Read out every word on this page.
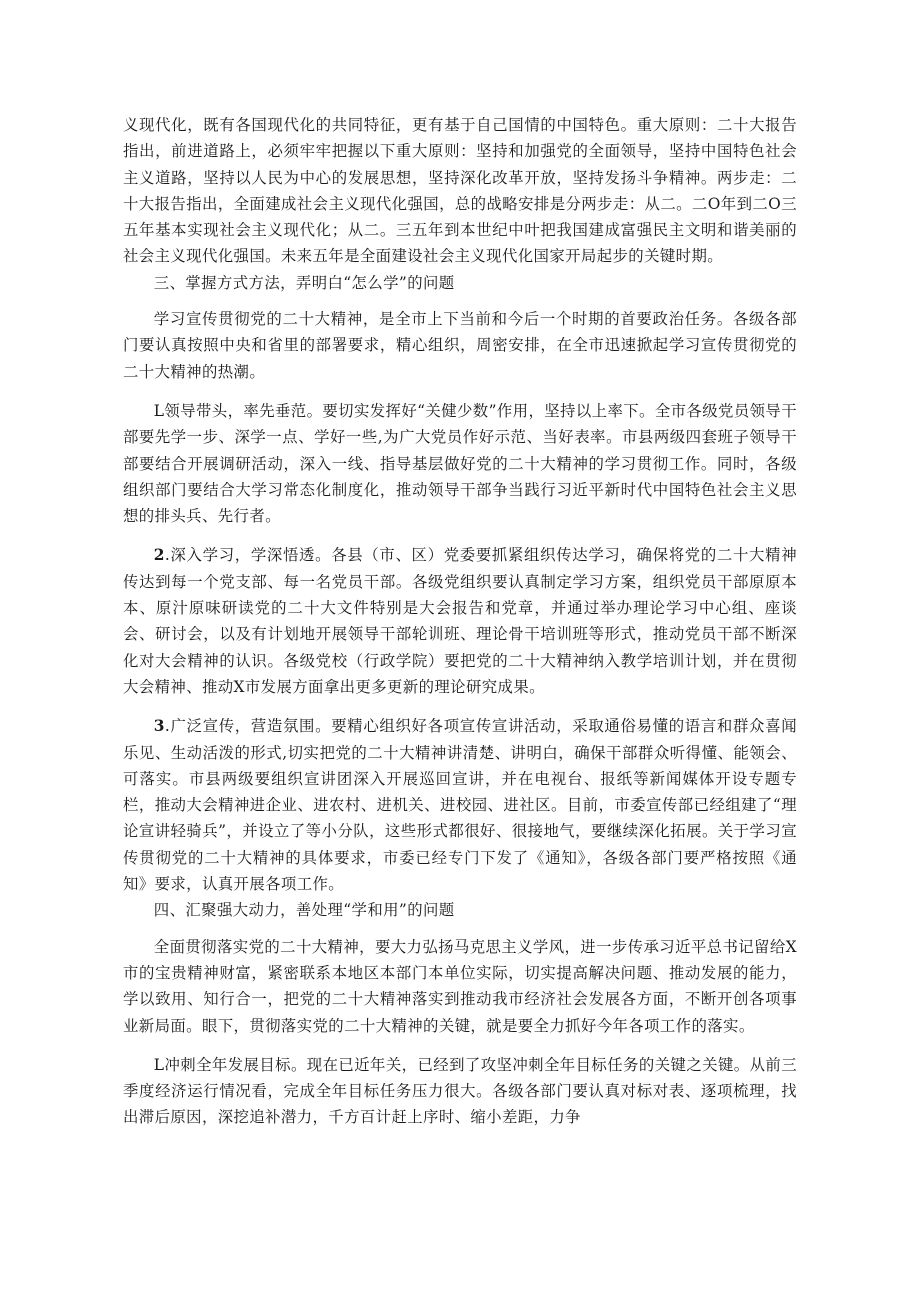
义现代化，既有各国现代化的共同特征，更有基于自己国情的中国特色。重大原则：二十大报告指出，前进道路上，必须牢牢把握以下重大原则：坚持和加强党的全面领导，坚持中国特色社会主义道路，坚持以人民为中心的发展思想，坚持深化改革开放，坚持发扬斗争精神。两步走：二十大报告指出，全面建成社会主义现代化强国，总的战略安排是分两步走：从二。二O年到二O三五年基本实现社会主义现代化；从二。三五年到本世纪中叶把我国建成富强民主文明和谐美丽的社会主义现代化强国。未来五年是全面建设社会主义现代化国家开局起步的关键时期。

三、掌握方式方法，弄明白“怎么学”的问题

学习宣传贯彻党的二十大精神，是全市上下当前和今后一个时期的首要政治任务。各级各部门要认真按照中央和省里的部署要求，精心组织，周密安排，在全市迅速掀起学习宣传贯彻党的二十大精神的热潮。

L领导带头，率先垂范。要切实发挥好“关健少数”作用，坚持以上率下。全市各级党员领导干部要先学一步、深学一点、学好一些,为广大党员作好示范、当好表率。市县两级四套班子领导干部要结合开展调研活动，深入一线、指导基层做好党的二十大精神的学习贯彻工作。同时，各级组织部门要结合大学习常态化制度化，推动领导干部争当践行习近平新时代中国特色社会主义思想的排头兵、先行者。

2.深入学习，学深悟透。各县（市、区）党委要抓紧组织传达学习，确保将党的二十大精神传达到每一个党支部、每一名党员干部。各级党组织要认真制定学习方案，组织党员干部原原本本、原汁原味研读党的二十大文件特别是大会报告和党章，并通过举办理论学习中心组、座谈会、研讨会，以及有计划地开展领导干部轮训班、理论骨干培训班等形式，推动党员干部不断深化对大会精神的认识。各级党校（行政学院）要把党的二十大精神纳入教学培训计划，并在贯彻大会精神、推动X市发展方面拿出更多更新的理论研究成果。

3.广泛宣传，营造氛围。要精心组织好各项宣传宣讲活动，采取通俗易懂的语言和群众喜闻乐见、生动活泼的形式,切实把党的二十大精神讲清楚、讲明白，确保干部群众听得懂、能领会、可落实。市县两级要组织宣讲团深入开展巡回宣讲，并在电视台、报纸等新闻媒体开设专题专栏，推动大会精神进企业、进农村、进机关、进校园、进社区。目前，市委宣传部已经组建了“理论宣讲轻骑兵”，并设立了等小分队，这些形式都很好、很接地气，要继续深化拓展。关于学习宣传贯彻党的二十大精神的具体要求，市委已经专门下发了《通知》，各级各部门要严格按照《通知》要求，认真开展各项工作。

四、汇聚强大动力，善处理“学和用”的问题

全面贯彻落实党的二十大精神，要大力弘扬马克思主义学风，进一步传承习近平总书记留给X市的宝贵精神财富，紧密联系本地区本部门本单位实际，切实提高解决问题、推动发展的能力，学以致用、知行合一，把党的二十大精神落实到推动我市经济社会发展各方面，不断开创各项事业新局面。眼下，贯彻落实党的二十大精神的关键，就是要全力抓好今年各项工作的落实。

L冲刺全年发展目标。现在已近年关，已经到了攻坚冲刺全年目标任务的关键之关键。从前三季度经济运行情况看，完成全年目标任务压力很大。各级各部门要认真对标对表、逐项梳理，找出滞后原因，深挖追补潜力，千方百计赶上序时、缩小差距，力争
